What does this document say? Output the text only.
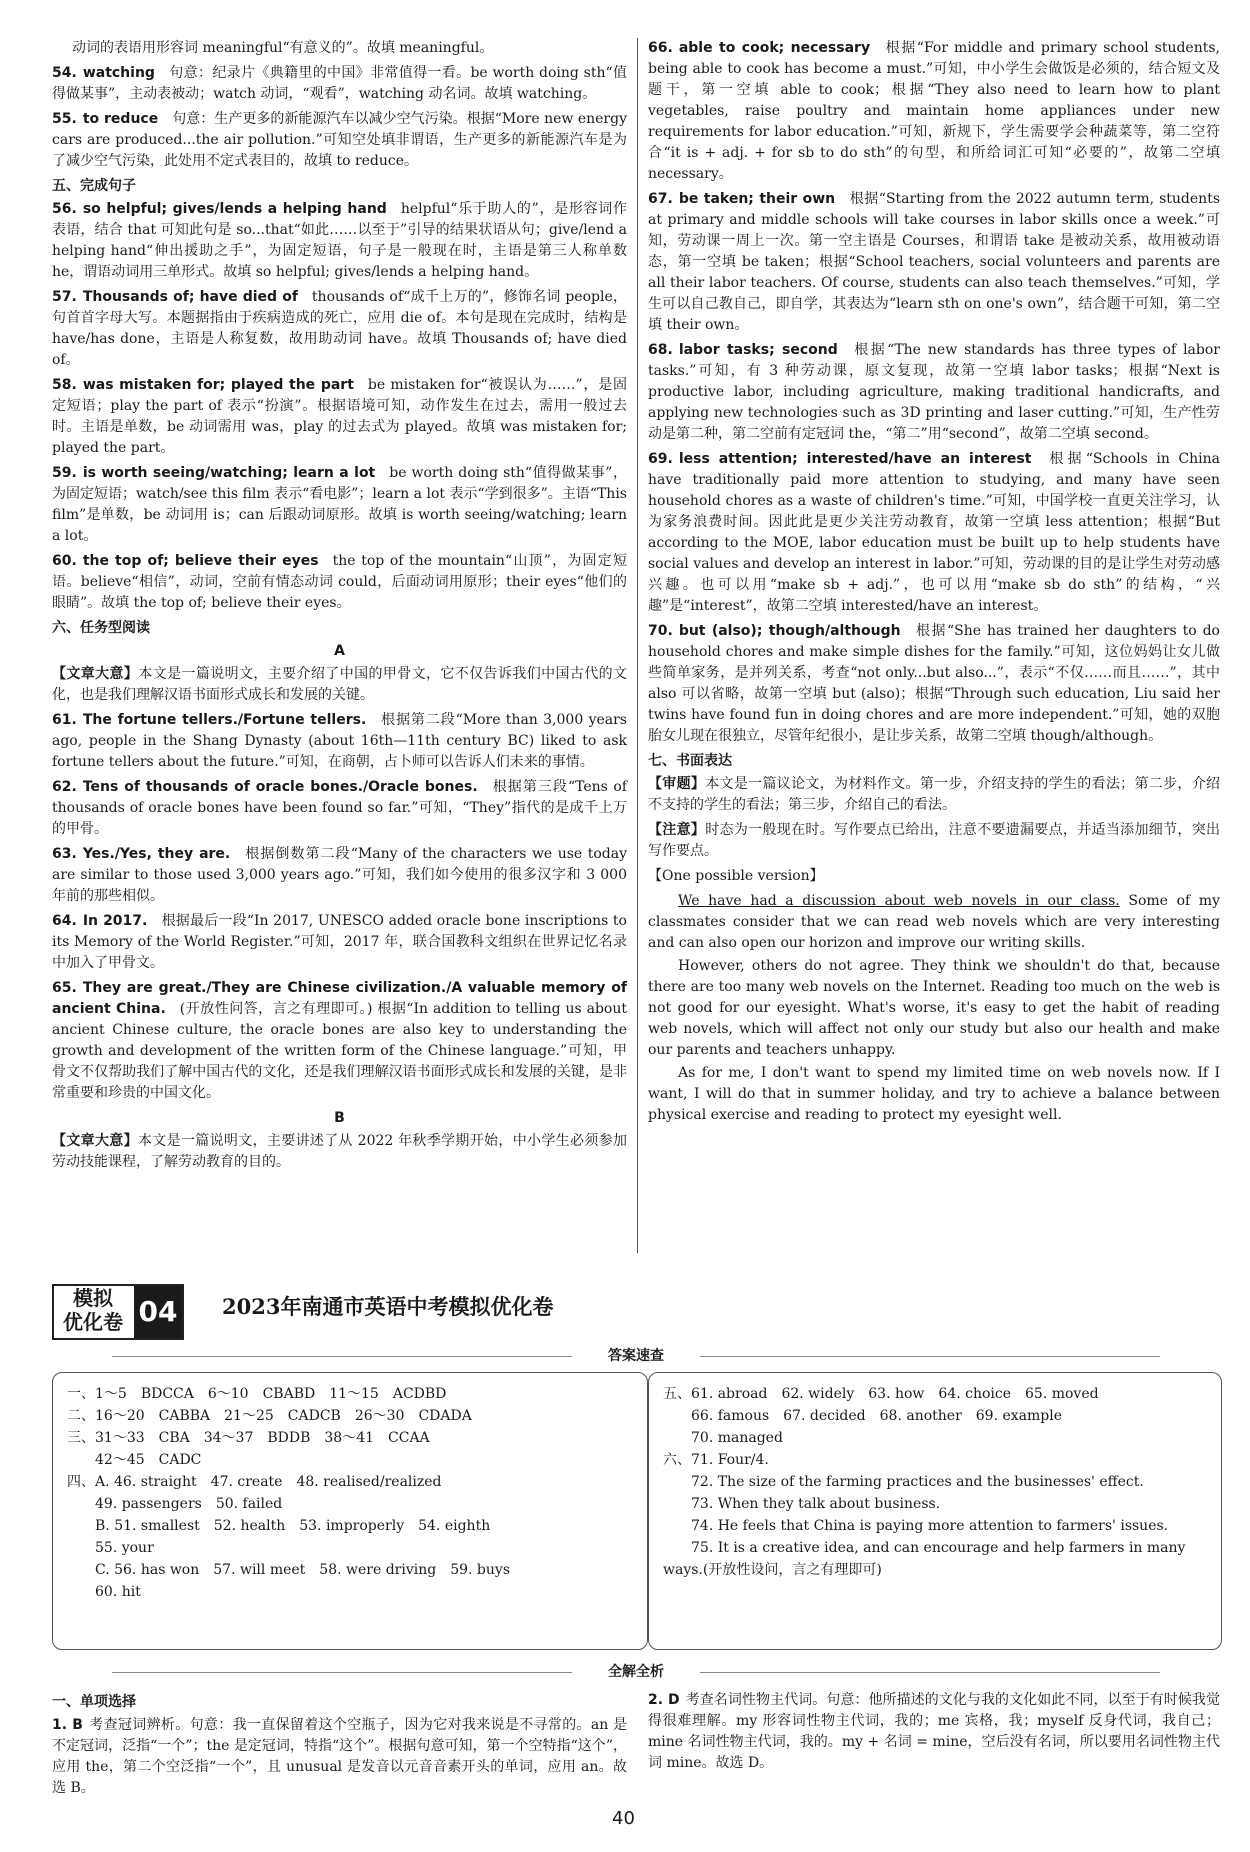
动词的表语用形容词 meaningful“有意义的”。故填 meaningful。
54. watching 句意：纪录片《典籍里的中国》非常值得一看。be worth doing sth“值得做某事”，主动表被动；watch 动词，“观看”，watching 动名词。故填 watching。
55. to reduce 句意：生产更多的新能源汽车以减少空气污染。根据“More new energy cars are produced...the air pollution.”可知空处填非谓语，生产更多的新能源汽车是为了减少空气污染，此处用不定式表目的，故填 to reduce。
五、完成句子
56. so helpful; gives/lends a helping hand helpful“乐于助人的”，是形容词作表语，结合 that 可知此句是 so...that“如此……以至于”引导的结果状语从句；give/lend a helping hand“伸出援助之手”，为固定短语，句子是一般现在时，主语是第三人称单数 he，谓语动词用三单形式。故填 so helpful; gives/lends a helping hand。
57. Thousands of; have died of thousands of“成千上万的”，修饰名词 people，句首首字母大写。本题据指由于疾病造成的死亡，应用 die of。本句是现在完成时，结构是 have/has done，主语是人称复数，故用助动词 have。故填 Thousands of; have died of。
58. was mistaken for; played the part be mistaken for“被误认为……”，是固定短语；play the part of 表示“扮演”。根据语境可知，动作发生在过去，需用一般过去时。主语是单数，be 动词需用 was，play 的过去式为 played。故填 was mistaken for; played the part。
59. is worth seeing/watching; learn a lot be worth doing sth“值得做某事”，为固定短语；watch/see this film 表示“看电影”；learn a lot 表示“学到很多”。主语“This film”是单数，be 动词用 is；can 后跟动词原形。故填 is worth seeing/watching; learn a lot。
60. the top of; believe their eyes the top of the mountain“山顶”，为固定短语。believe“相信”，动词，空前有情态动词 could，后面动词用原形；their eyes“他们的眼睛”。故填 the top of; believe their eyes。
六、任务型阅读
A
【文章大意】本文是一篇说明文，主要介绍了中国的甲骨文，它不仅告诉我们中国古代的文化，也是我们理解汉语书面形式成长和发展的关键。
61. The fortune tellers./Fortune tellers. 根据第二段“More than 3,000 years ago, people in the Shang Dynasty (about 16th—11th century BC) liked to ask fortune tellers about the future.”可知，在商朝，占卜师可以告诉人们未来的事情。
62. Tens of thousands of oracle bones./Oracle bones. 根据第三段“Tens of thousands of oracle bones have been found so far.”可知，“They”指代的是成千上万的甲骨。
63. Yes./Yes, they are. 根据倒数第二段“Many of the characters we use today are similar to those used 3,000 years ago.”可知，我们如今使用的很多汉字和 3 000 年前的那些相似。
64. In 2017. 根据最后一段“In 2017, UNESCO added oracle bone inscriptions to its Memory of the World Register.”可知，2017 年，联合国教科文组织在世界记忆名录中加入了甲骨文。
65. They are great./They are Chinese civilization./A valuable memory of ancient China. (开放性问答，言之有理即可。) 根据“In addition to telling us about ancient Chinese culture, the oracle bones are also key to understanding the growth and development of the written form of the Chinese language.”可知，甲骨文不仅帮助我们了解中国古代的文化，还是我们理解汉语书面形式成长和发展的关键，是非常重要和珍贵的中国文化。
B
【文章大意】本文是一篇说明文，主要讲述了从 2022 年秋季学期开始，中小学生必须参加劳动技能课程，了解劳动教育的目的。
66. able to cook; necessary 根据“For middle and primary school students, being able to cook has become a must.”可知，中小学生会做饭是必须的，结合短文及题干，第一空填 able to cook；根据“They also need to learn how to plant vegetables, raise poultry and maintain home appliances under new requirements for labor education.”可知，新规下，学生需要学会种蔬菜等，第二空符合“it is + adj. + for sb to do sth”的句型，和所给词汇可知“必要的”，故第二空填 necessary。
67. be taken; their own 根据“Starting from the 2022 autumn term, students at primary and middle schools will take courses in labor skills once a week.”可知，劳动课一周上一次。第一空主语是 Courses，和谓语 take 是被动关系，故用被动语态，第一空填 be taken；根据“School teachers, social volunteers and parents are all their labor teachers. Of course, students can also teach themselves.”可知，学生可以自己教自己，即自学，其表达为“learn sth on one's own”，结合题干可知，第二空填 their own。
68. labor tasks; second 根据“The new standards has three types of labor tasks.”可知，有 3 种劳动课，原文复现，故第一空填 labor tasks；根据“Next is productive labor, including agriculture, making traditional handicrafts, and applying new technologies such as 3D printing and laser cutting.”可知，生产性劳动是第二种，第二空前有定冠词 the，“第二”用“second”，故第二空填 second。
69. less attention; interested/have an interest 根据“Schools in China have traditionally paid more attention to studying, and many have seen household chores as a waste of children's time.”可知，中国学校一直更关注学习，认为家务浪费时间。因此此是更少关注劳动教育，故第一空填 less attention；根据“But according to the MOE, labor education must be built up to help students have social values and develop an interest in labor.”可知，劳动课的目的是让学生对劳动感兴趣。也可以用“make sb + adj.”，也可以用“make sb do sth”的结构，“兴趣”是“interest”，故第二空填 interested/have an interest。
70. but (also); though/although 根据“She has trained her daughters to do household chores and make simple dishes for the family.”可知，这位妈妈让女儿做些简单家务，是并列关系，考查“not only...but also...”，表示“不仅……而且……”，其中 also 可以省略，故第一空填 but (also)；根据“Through such education, Liu said her twins have found fun in doing chores and are more independent.”可知，她的双胞胎女儿现在很独立，尽管年纪很小，是让步关系，故第二空填 though/although。
七、书面表达
【审题】本文是一篇议论文，为材料作文。第一步，介绍支持的学生的看法；第二步，介绍不支持的学生的看法；第三步，介绍自己的看法。
【注意】时态为一般现在时。写作要点已给出，注意不要遗漏要点，并适当添加细节，突出写作要点。
【One possible version】

We have had a discussion about web novels in our class. Some of my classmates consider that we can read web novels which are very interesting and can also open our horizon and improve our writing skills.

However, others do not agree. They think we shouldn't do that, because there are too many web novels on the Internet. Reading too much on the web is not good for our eyesight. What's worse, it's easy to get the habit of reading web novels, which will affect not only our study but also our health and make our parents and teachers unhappy.

As for me, I don't want to spend my limited time on web novels now. If I want, I will do that in summer holiday, and try to achieve a balance between physical exercise and reading to protect my eyesight well.

模拟
优化卷 04 2023年南通市英语中考模拟优化卷
答案速查
一、1～5　BDCCA　6～10　CBABD　11～15　ACDBD
二、16～20　CABBA　21～25　CADCB　26～30　CDADA
三、31～33　CBA　34～37　BDDB　38～41　CCAA
　　42～45　CADC
四、A. 46. straight　47. create　48. realised/realized
　　49. passengers　50. failed
　　B. 51. smallest　52. health　53. improperly　54. eighth
　　55. your
　　C. 56. has won　57. will meet　58. were driving　59. buys
　　60. hit
五、61. abroad　62. widely　63. how　64. choice　65. moved
　　66. famous　67. decided　68. another　69. example
　　70. managed
六、71. Four/4.
　　72. The size of the farming practices and the businesses' effect.
　　73. When they talk about business.
　　74. He feels that China is paying more attention to farmers' issues.
　　75. It is a creative idea, and can encourage and help farmers in many ways.(开放性设问，言之有理即可)
全解全析
一、单项选择
1. B 考查冠词辨析。句意：我一直保留着这个空瓶子，因为它对我来说是不寻常的。an 是不定冠词，泛指“一个”；the 是定冠词，特指“这个”。根据句意可知，第一个空特指“这个”，应用 the，第二个空泛指“一个”，且 unusual 是发音以元音音素开头的单词，应用 an。故选 B。
2. D 考查名词性物主代词。句意：他所描述的文化与我的文化如此不同，以至于有时候我觉得很难理解。my 形容词性物主代词，我的；me 宾格，我；myself 反身代词，我自己；mine 名词性物主代词，我的。my + 名词 = mine，空后没有名词，所以要用名词性物主代词 mine。故选 D。
40
